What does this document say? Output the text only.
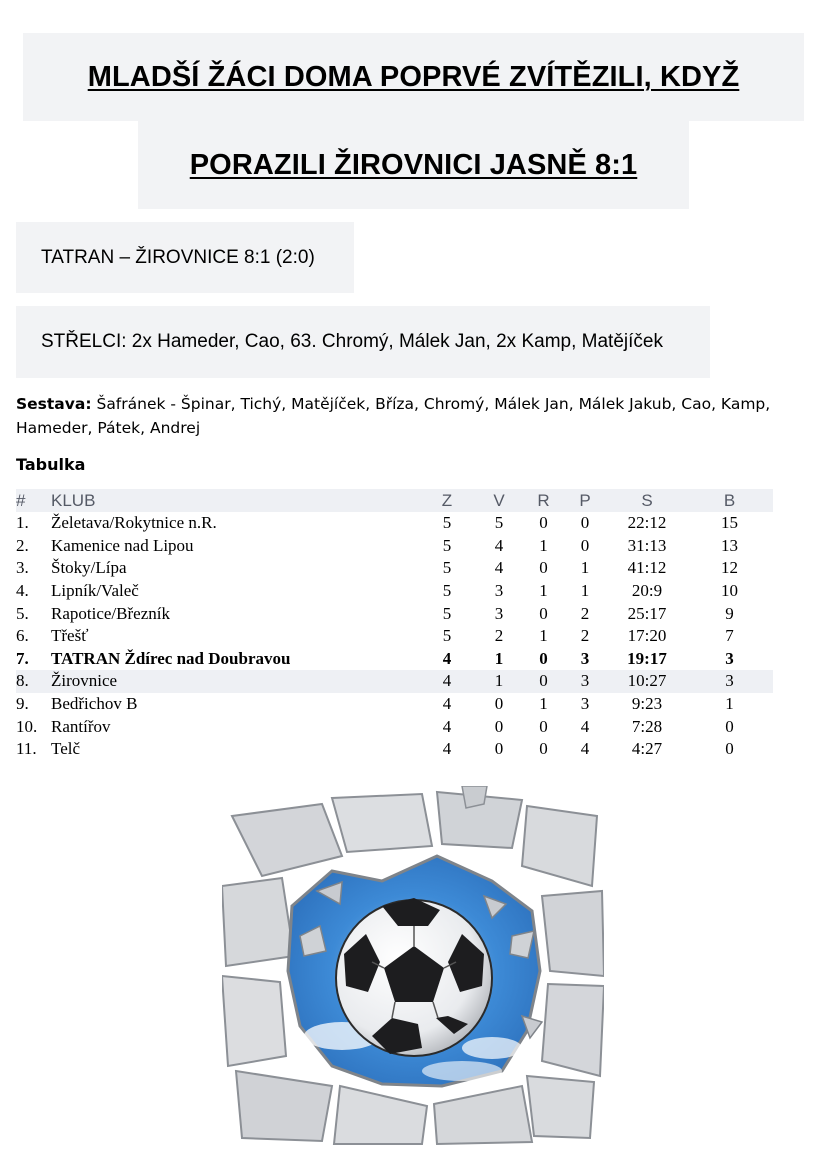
MLADŠÍ ŽÁCI DOMA POPRVÉ ZVÍTĚZILI, KDYŽ
PORAZILI ŽIROVNICI JASNĚ 8:1
TATRAN – ŽIROVNICE 8:1 (2:0)
STŘELCI: 2x Hameder, Cao, 63. Chromý, Málek Jan, 2x Kamp, Matějíček
Sestava: Šafránek - Špinar, Tichý, Matějíček, Bříza, Chromý, Málek Jan, Málek Jakub, Cao, Kamp, Hameder, Pátek, Andrej
Tabulka
#	KLUB	Z	V	R	P	S	B
1.	Želetava/Rokytnice n.R.	5	5	0	0	22:12	15
2.	Kamenice nad Lipou	5	4	1	0	31:13	13
3.	Štoky/Lípa	5	4	0	1	41:12	12
4.	Lipník/Valeč	5	3	1	1	20:9	10
5.	Rapotice/Březník	5	3	0	2	25:17	9
6.	Třešť	5	2	1	2	17:20	7
7.	TATRAN Ždírec nad Doubravou	4	1	0	3	19:17	3
8.	Žirovnice	4	1	0	3	10:27	3
9.	Bedřichov B	4	0	1	3	9:23	1
10.	Rantířov	4	0	0	4	7:28	0
11.	Telč	4	0	0	4	4:27	0
